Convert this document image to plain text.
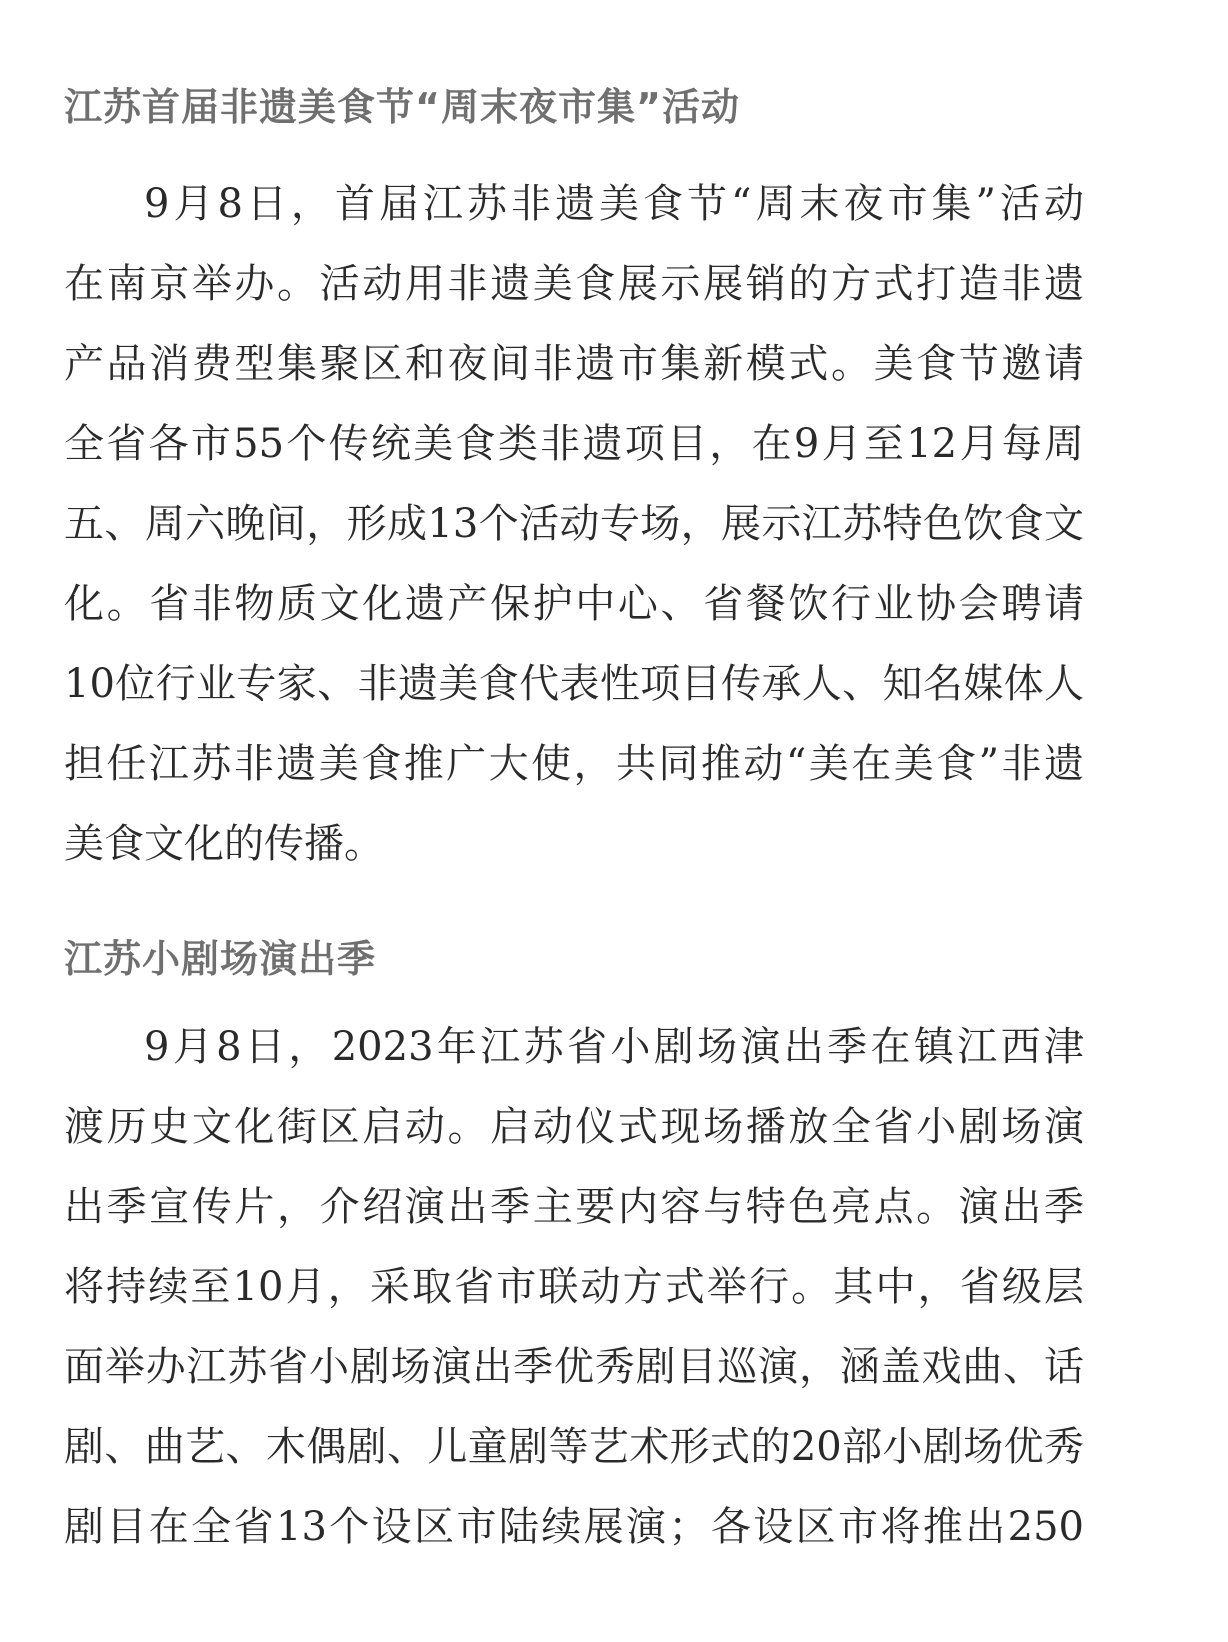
江苏首届非遗美食节“周末夜市集”活动
9月8日，首届江苏非遗美食节“周末夜市集”活动
在南京举办。活动用非遗美食展示展销的方式打造非遗
产品消费型集聚区和夜间非遗市集新模式。美食节邀请
全省各市55个传统美食类非遗项目，在9月至12月每周
五、周六晚间，形成13个活动专场，展示江苏特色饮食文
化。省非物质文化遗产保护中心、省餐饮行业协会聘请
10位行业专家、非遗美食代表性项目传承人、知名媒体人
担任江苏非遗美食推广大使，共同推动“美在美食”非遗
美食文化的传播。
江苏小剧场演出季
9月8日，2023年江苏省小剧场演出季在镇江西津
渡历史文化街区启动。启动仪式现场播放全省小剧场演
出季宣传片，介绍演出季主要内容与特色亮点。演出季
将持续至10月，采取省市联动方式举行。其中，省级层
面举办江苏省小剧场演出季优秀剧目巡演，涵盖戏曲、话
剧、曲艺、木偶剧、儿童剧等艺术形式的20部小剧场优秀
剧目在全省13个设区市陆续展演；各设区市将推出250
